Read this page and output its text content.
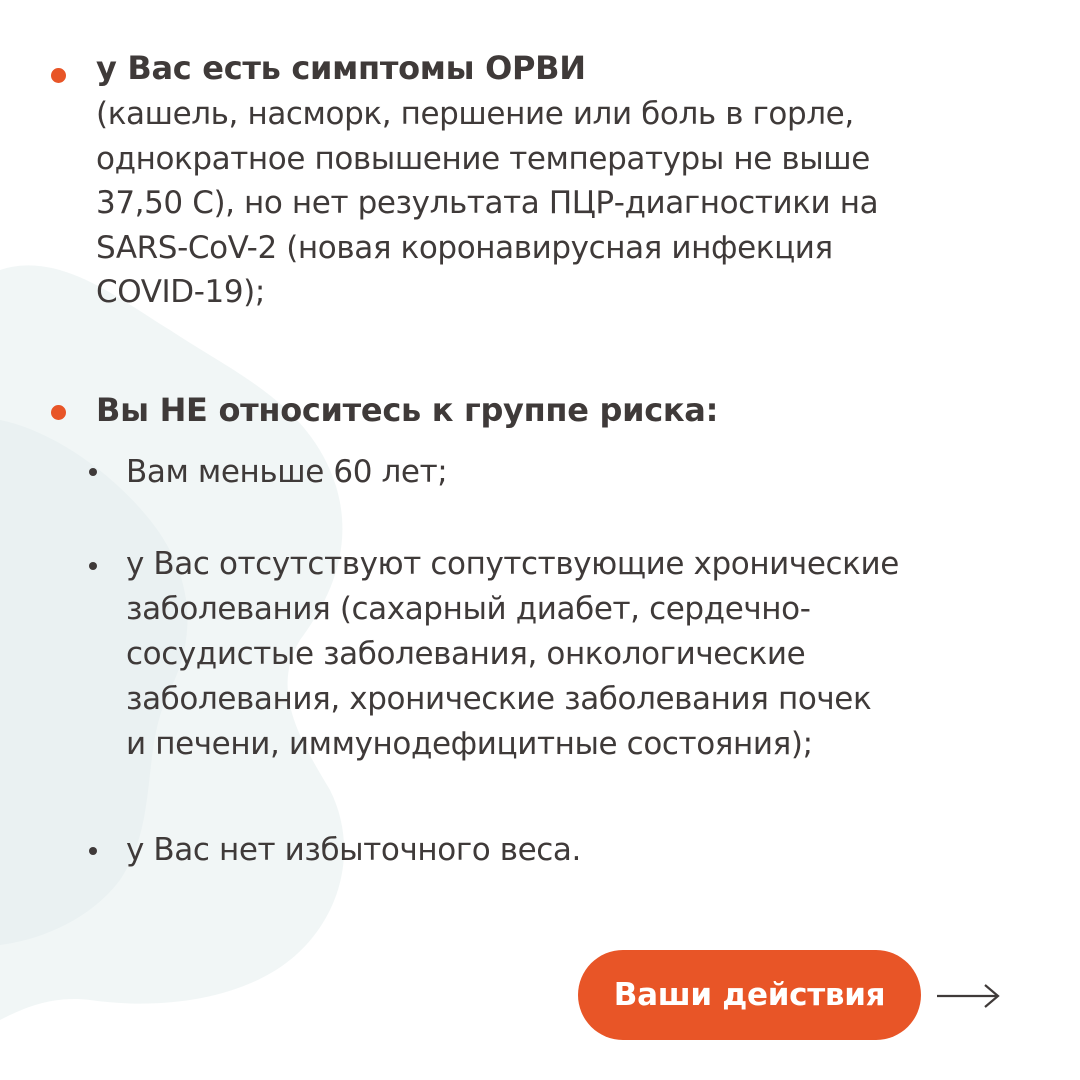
у Вас есть симптомы ОРВИ
(кашель, насморк, першение или боль в горле,
однократное повышение температуры не выше
37,50 С), но нет результата ПЦР-диагностики на
SARS-CoV-2 (новая коронавирусная инфекция
COVID-19);
Вы НЕ относитесь к группе риска:
Вам меньше 60 лет;
у Вас отсутствуют сопутствующие хронические
заболевания (сахарный диабет, сердечно-
сосудистые заболевания, онкологические
заболевания, хронические заболевания почек
и печени, иммунодефицитные состояния);
у Вас нет избыточного веса.
Ваши действия
